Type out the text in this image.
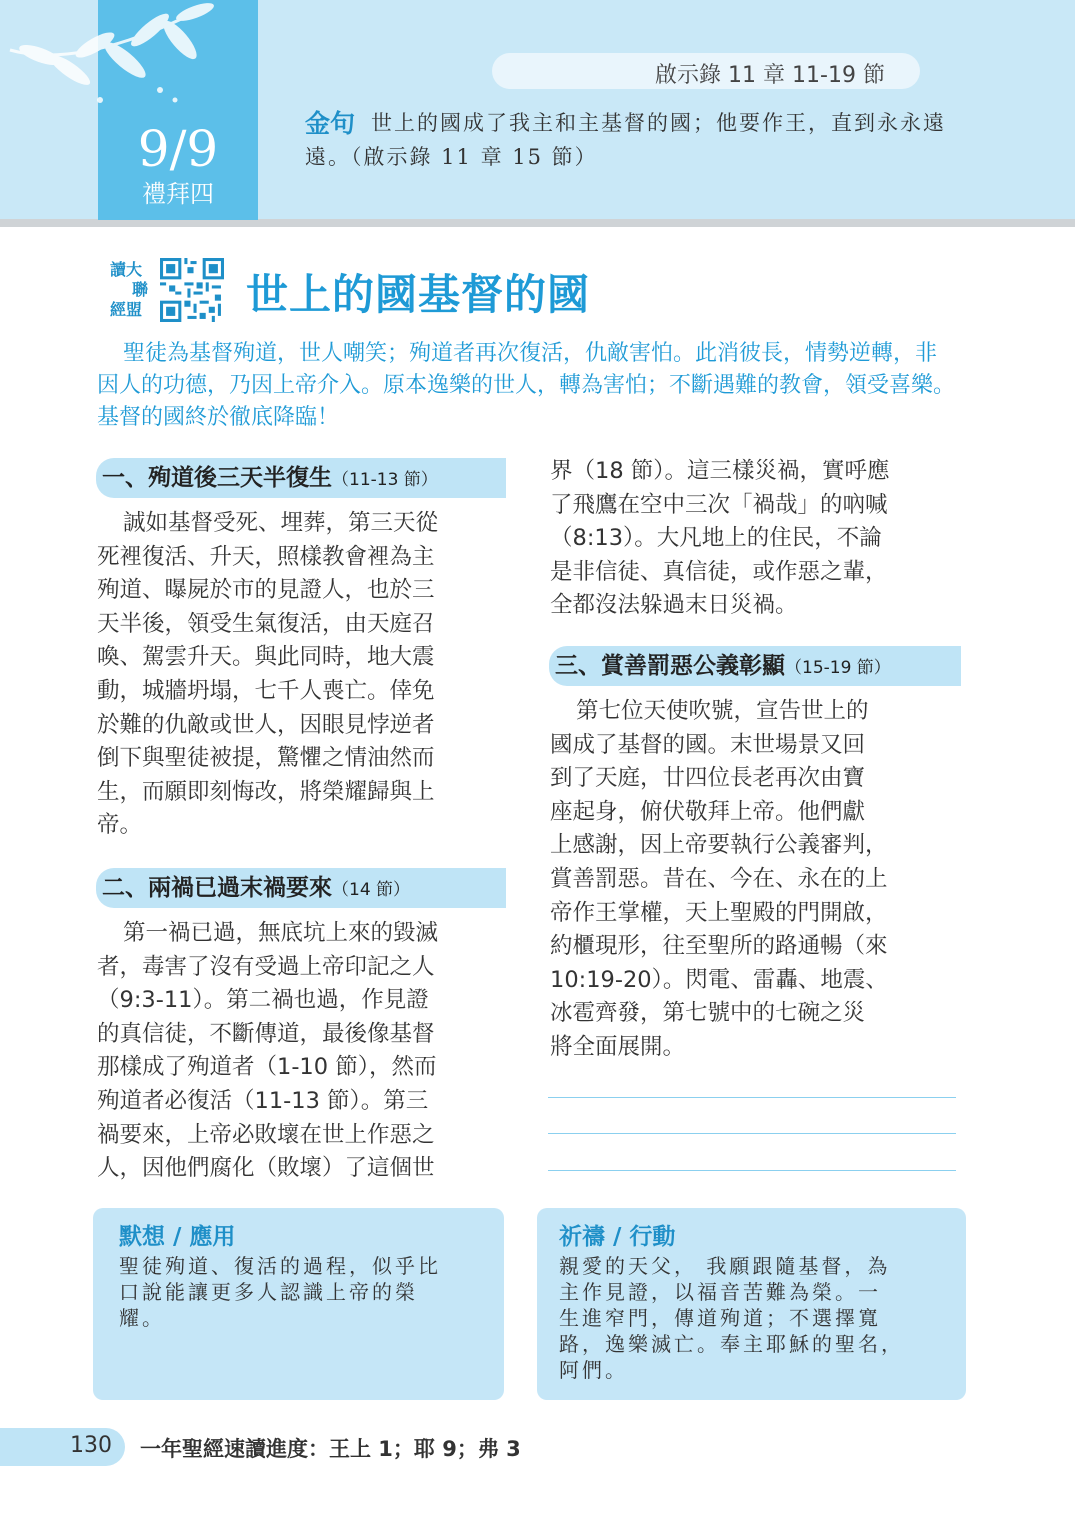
9/9
禮拜四
啟示錄 11 章 11-19 節
金句 世上的國成了我主和主基督的國；他要作王，直到永永遠遠。（啟示錄 11 章 15 節）
讀大
聯
經盟	世上的國基督的國
聖徒為基督殉道，世人嘲笑；殉道者再次復活，仇敵害怕。此消彼長，情勢逆轉，非因人的功德，乃因上帝介入。原本逸樂的世人，轉為害怕；不斷遇難的教會，領受喜樂。基督的國終於徹底降臨！
一、殉道後三天半復生（11-13 節）
誠如基督受死、埋葬，第三天從
死裡復活、升天，照樣教會裡為主
殉道、曝屍於市的見證人，也於三
天半後，領受生氣復活，由天庭召
喚、駕雲升天。與此同時，地大震
動，城牆坍塌，七千人喪亡。倖免
於難的仇敵或世人，因眼見悖逆者
倒下與聖徒被提，驚懼之情油然而
生，而願即刻悔改，將榮耀歸與上
帝。
二、兩禍已過末禍要來（14 節）
第一禍已過，無底坑上來的毀滅
者，毒害了沒有受過上帝印記之人
（9:3-11）。第二禍也過，作見證
的真信徒，不斷傳道，最後像基督
那樣成了殉道者（1-10 節），然而
殉道者必復活（11-13 節）。第三
禍要來，上帝必敗壞在世上作惡之
人，因他們腐化（敗壞）了這個世
界（18 節）。這三樣災禍，實呼應
了飛鷹在空中三次「禍哉」的吶喊
（8:13）。大凡地上的住民，不論
是非信徒、真信徒，或作惡之輩，
全都沒法躲過末日災禍。
三、賞善罰惡公義彰顯（15-19 節）
第七位天使吹號，宣告世上的
國成了基督的國。末世場景又回
到了天庭，廿四位長老再次由寶
座起身，俯伏敬拜上帝。他們獻
上感謝，因上帝要執行公義審判，
賞善罰惡。昔在、今在、永在的上
帝作王掌權，天上聖殿的門開啟，
約櫃現形，往至聖所的路通暢（來
10:19-20）。閃電、雷轟、地震、
冰雹齊發，第七號中的七碗之災
將全面展開。
默想 / 應用
聖徒殉道、復活的過程，似乎比
口說能讓更多人認識上帝的榮
耀。
祈禱 / 行動
親愛的天父， 我願跟隨基督，為
主作見證，以福音苦難為榮。一
生進窄門，傳道殉道；不選擇寬
路，逸樂滅亡。奉主耶穌的聖名，
阿們。
130 一年聖經速讀進度：王上 1；耶 9；弗 3
